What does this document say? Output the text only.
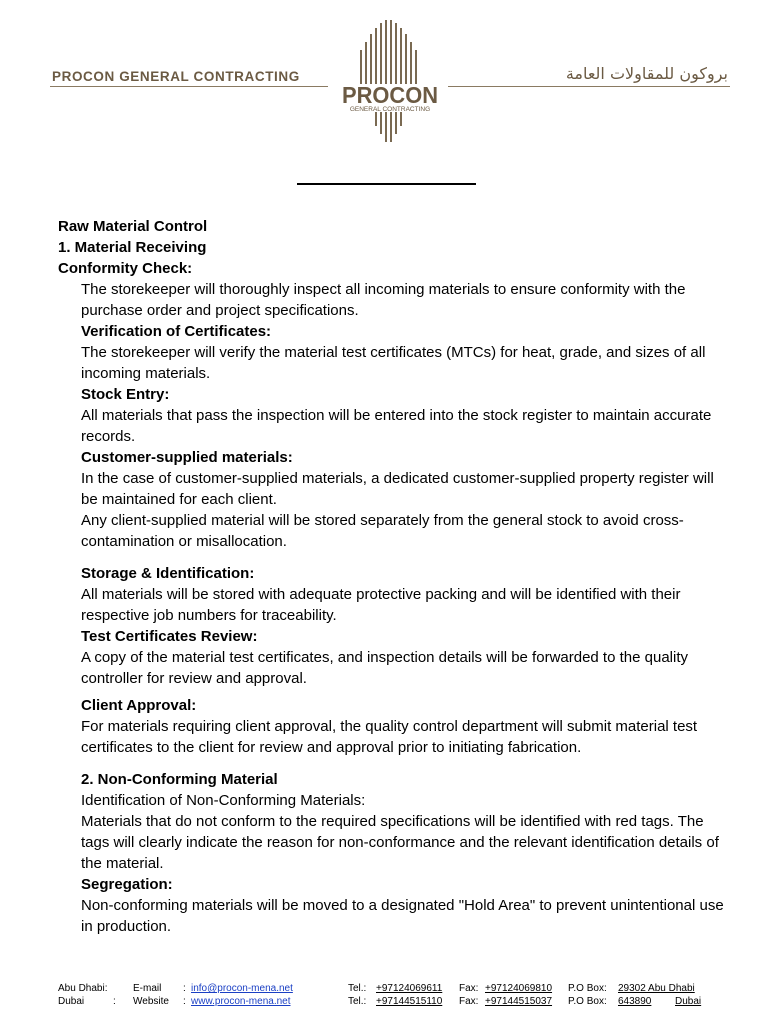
PROCON GENERAL CONTRACTING	بروكون للمقاولات العامة
PROCON
GENERAL CONTRACTING

Raw Material Control

1. Material Receiving

Conformity Check:

The storekeeper will thoroughly inspect all incoming materials to ensure conformity with the purchase order and project specifications.

Verification of Certificates:

The storekeeper will verify the material test certificates (MTCs) for heat, grade, and sizes of all incoming materials.

Stock Entry:

All materials that pass the inspection will be entered into the stock register to maintain accurate records.

Customer-supplied materials:

In the case of customer-supplied materials, a dedicated customer-supplied property register will be maintained for each client.

Any client-supplied material will be stored separately from the general stock to avoid cross-contamination or misallocation.

Storage & Identification:

All materials will be stored with adequate protective packing and will be identified with their respective job numbers for traceability.

Test Certificates Review:

A copy of the material test certificates, and inspection details will be forwarded to the quality controller for review and approval.

Client Approval:

For materials requiring client approval, the quality control department will submit material test certificates to the client for review and approval prior to initiating fabrication.

2. Non-Conforming Material

Identification of Non-Conforming Materials:

Materials that do not conform to the required specifications will be identified with red tags. The tags will clearly indicate the reason for non-conformance and the relevant identification details of the material.

Segregation:

Non-conforming materials will be moved to a designated "Hold Area" to prevent unintentional use in production.

Abu Dhabi:	E-mail : info@procon-mena.net	Tel.: +97124069611 Fax: +97124069810 P.O Box: 29302 Abu Dhabi
Dubai	: Website : www.procon-mena.net	Tel.: +97144515110 Fax: +97144515037 P.O Box: 643890 Dubai
